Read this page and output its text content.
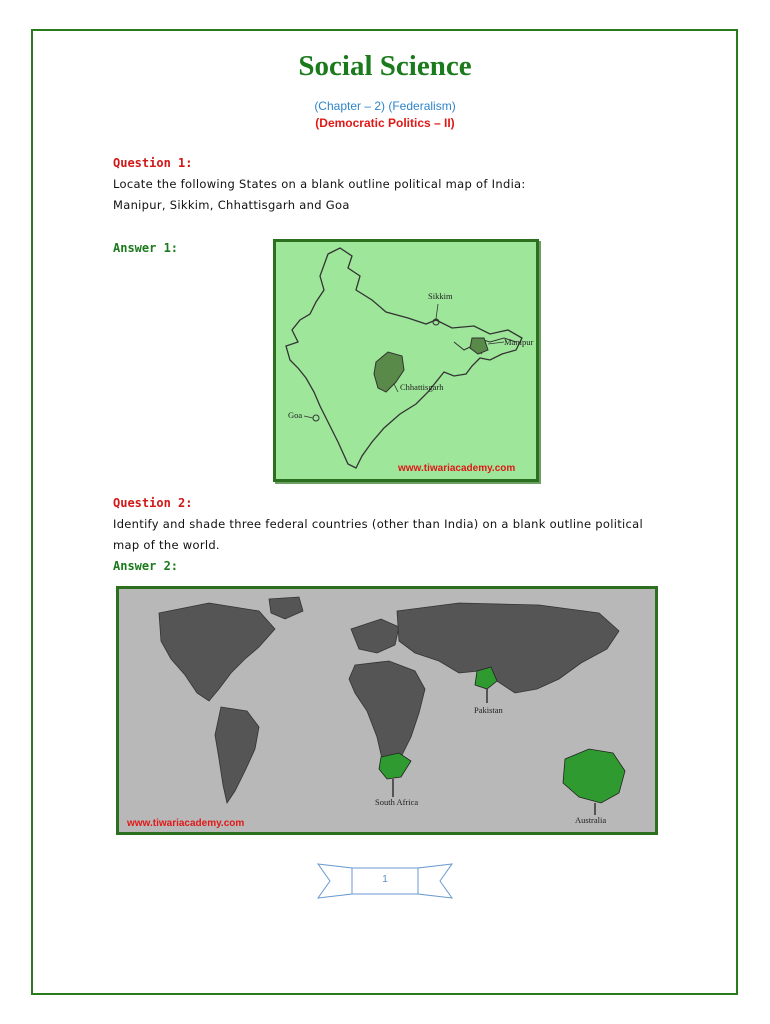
Social Science
(Chapter – 2) (Federalism)
(Democratic Politics – II)
Question 1:
Locate the following States on a blank outline political map of India:
Manipur, Sikkim, Chhattisgarh and Goa
Answer 1:
Sikkim
Manipur
Chhattisgarh
Goa
www.tiwariacademy.com
Question 2:
Identify and shade three federal countries (other than India) on a blank outline political
map of the world.
Answer 2:
Pakistan
South Africa
Australia
www.tiwariacademy.com
1
